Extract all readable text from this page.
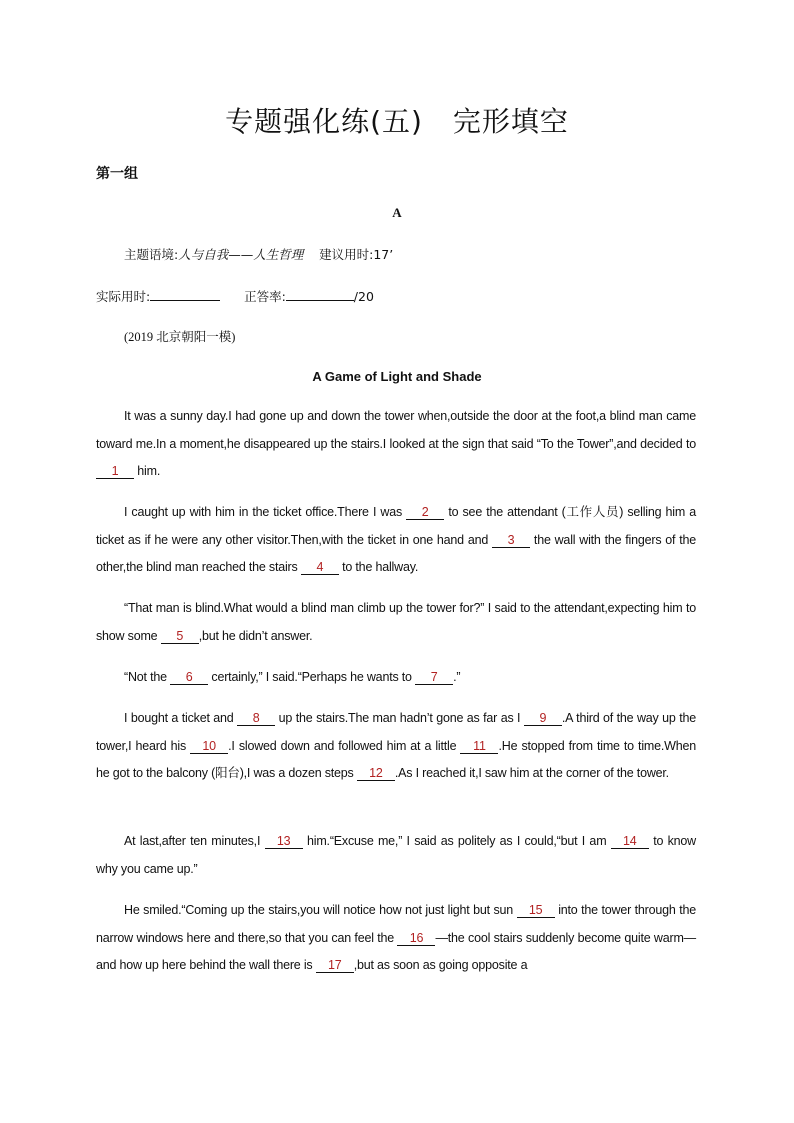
专题强化练(五) 完形填空
第一组
A
主题语境:人与自我——人生哲理 建议用时:17’
实际用时:	正答率:	/20
(2019 北京朝阳一模)
A Game of Light and Shade
It was a sunny day.I had gone up and down the tower when,outside the door at the foot,a blind man came toward me.In a moment,he disappeared up the stairs.I looked at the sign that said “To the Tower”,and decided to 1 him.
I caught up with him in the ticket office.There I was 2 to see the attendant (工作人员) selling him a ticket as if he were any other visitor.Then,with the ticket in one hand and 3 the wall with the fingers of the other,the blind man reached the stairs 4 to the hallway.
“That man is blind.What would a blind man climb up the tower for?” I said to the attendant,expecting him to show some 5 ,but he didn’t answer.
“Not the 6 certainly,” I said.“Perhaps he wants to 7 .”
I bought a ticket and 8 up the stairs.The man hadn’t gone as far as I 9 .A third of the way up the tower,I heard his 10 .I slowed down and followed him at a little 11 .He stopped from time to time.When he got to the balcony (阳台),I was a dozen steps 12 .As I reached it,I saw him at the corner of the tower.
At last,after ten minutes,I 13 him.“Excuse me,” I said as politely as I could,“but I am 14 to know why you came up.”
He smiled.“Coming up the stairs,you will notice how not just light but sun 15 into the tower through the narrow windows here and there,so that you can feel the 16 —the cool stairs suddenly become quite warm—and how up here behind the wall there is 17 ,but as soon as going opposite a
